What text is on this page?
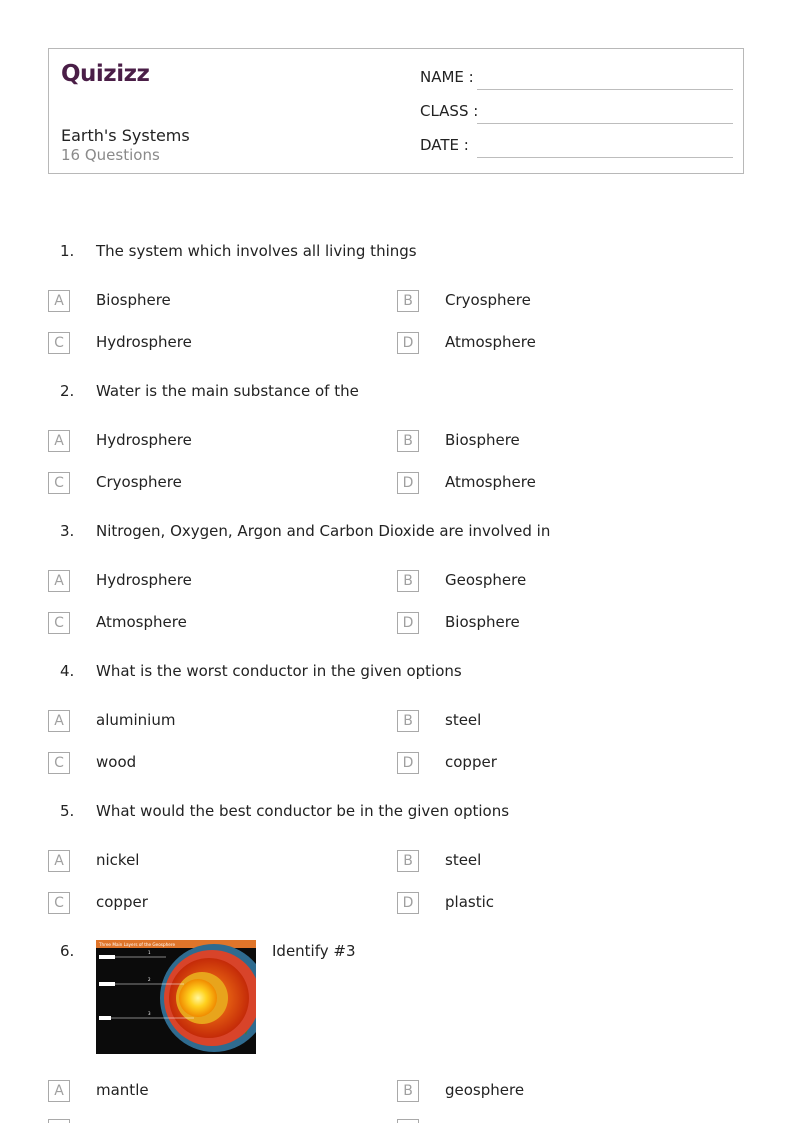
Quizizz
Earth's Systems
16 Questions
NAME :
CLASS :
DATE :
1. The system which involves all living things
A	Biosphere	B	Cryosphere
C	Hydrosphere	D	Atmosphere
2. Water is the main substance of the
A	Hydrosphere	B	Biosphere
C	Cryosphere	D	Atmosphere
3. Nitrogen, Oxygen, Argon and Carbon Dioxide are involved in
A	Hydrosphere	B	Geosphere
C	Atmosphere	D	Biosphere
4. What is the worst conductor in the given options
A	aluminium	B	steel
C	wood	D	copper
5. What would the best conductor be in the given options
A	nickel	B	steel
C	copper	D	plastic
6.	Three Main Layers of the Geosphere
1
2
3
Identify #3
A	mantle	B	geosphere
